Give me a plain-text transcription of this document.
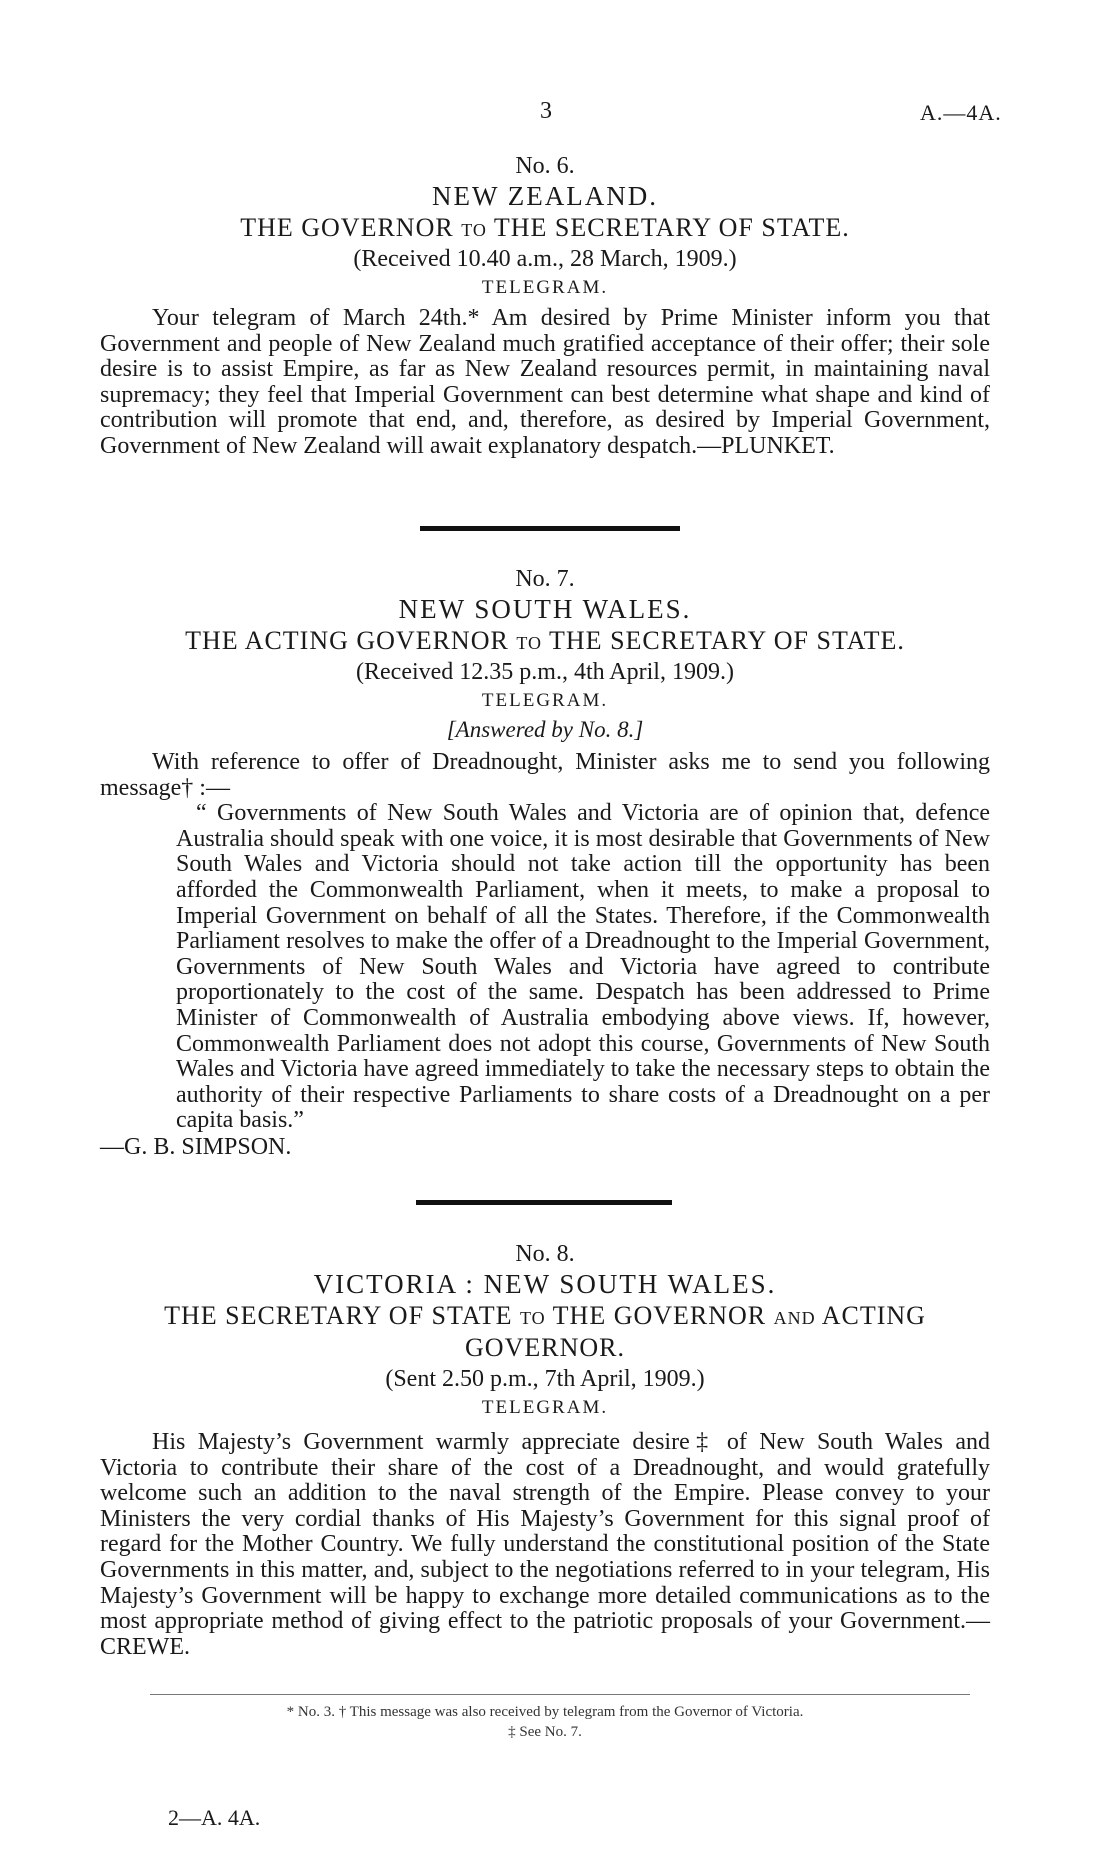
3	A.—4A.

No. 6.

NEW ZEALAND.

THE GOVERNOR to THE SECRETARY OF STATE.

(Received 10.40 a.m., 28 March, 1909.)

TELEGRAM.

Your telegram of March 24th.* Am desired by Prime Minister inform you that Government and people of New Zealand much gratified acceptance of their offer; their sole desire is to assist Empire, as far as New Zealand resources permit, in maintaining naval supremacy; they feel that Imperial Government can best determine what shape and kind of contribution will promote that end, and, therefore, as desired by Imperial Government, Government of New Zealand will await explanatory despatch.—PLUNKET.

No. 7.

NEW SOUTH WALES.

THE ACTING GOVERNOR to THE SECRETARY OF STATE.

(Received 12.35 p.m., 4th April, 1909.)

TELEGRAM.

[Answered by No. 8.]

With reference to offer of Dreadnought, Minister asks me to send you following message† :—

“ Governments of New South Wales and Victoria are of opinion that, defence Australia should speak with one voice, it is most desirable that Governments of New South Wales and Victoria should not take action till the opportunity has been afforded the Commonwealth Parliament, when it meets, to make a proposal to Imperial Government on behalf of all the States. Therefore, if the Commonwealth Parliament resolves to make the offer of a Dreadnought to the Imperial Government, Governments of New South Wales and Victoria have agreed to contribute proportionately to the cost of the same. Despatch has been addressed to Prime Minister of Commonwealth of Australia embodying above views. If, however, Commonwealth Parliament does not adopt this course, Governments of New South Wales and Victoria have agreed immediately to take the necessary steps to obtain the authority of their respective Parliaments to share costs of a Dreadnought on a per capita basis.”

—G. B. SIMPSON.

No. 8.

VICTORIA : NEW SOUTH WALES.

THE SECRETARY OF STATE to THE GOVERNOR and ACTING GOVERNOR.

(Sent 2.50 p.m., 7th April, 1909.)

TELEGRAM.

His Majesty’s Government warmly appreciate desire‡ of New South Wales and Victoria to contribute their share of the cost of a Dreadnought, and would gratefully welcome such an addition to the naval strength of the Empire. Please convey to your Ministers the very cordial thanks of His Majesty’s Government for this signal proof of regard for the Mother Country. We fully understand the constitutional position of the State Governments in this matter, and, subject to the negotiations referred to in your telegram, His Majesty’s Government will be happy to exchange more detailed communications as to the most appropriate method of giving effect to the patriotic proposals of your Government.—CREWE.

* No. 3. † This message was also received by telegram from the Governor of Victoria.
‡ See No. 7.
2—A. 4A.
